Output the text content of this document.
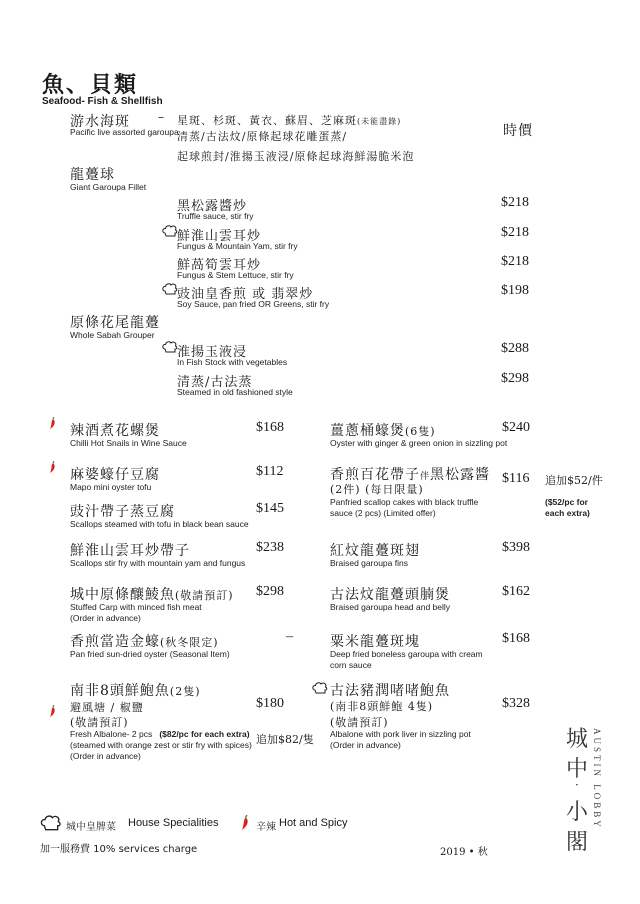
魚、貝類
Seafood- Fish & Shellfish
游水海斑 –
Pacific live assorted garoupa
星斑、杉斑、黃衣、蘇眉、芝麻斑(未能盡錄)
清蒸/古法炆/原條起球花雕蛋蒸/
起球煎封/淮揚玉液浸/原條起球海鮮湯脆米泡
時價
龍躉球
Giant Garoupa Fillet
黑松露醬炒
Truffle sauce, stir fry
$218
鮮淮山雲耳炒
Fungus & Mountain Yam, stir fry
$218
鮮萵筍雲耳炒
Fungus & Stem Lettuce, stir fry
$218
豉油皇香煎 或 翡翠炒
Soy Sauce, pan fried OR Greens, stir fry
$198
原條花尾龍躉
Whole Sabah Grouper
淮揚玉液浸
In Fish Stock with vegetables
$288
清蒸/古法蒸
Steamed in old fashioned style
$298
辣酒煮花螺煲
Chilli Hot Snails in Wine Sauce
$168
麻婆蠔仔豆腐
Mapo mini oyster tofu
$112
豉汁帶子蒸豆腐
Scallops steamed with tofu in black bean sauce
$145
鮮淮山雲耳炒帶子
Scallops stir fry with mountain yam and fungus
$238
城中原條釀鯪魚(敬請預訂)
Stuffed Carp with minced fish meat
(Order in advance)
$298
香煎當造金蠔(秋冬限定)
Pan fried sun-dried oyster (Seasonal Item)
–
南非8頭鮮鮑魚(2隻)
避風塘 / 椒鹽
(敬請預訂)
Fresh Albalone- 2 pcs ($82/pc for each extra)
(steamed with orange zest or stir fry with spices)
(Order in advance)
$180
追加$82/隻
薑蔥桶蠔煲(6隻)
Oyster with ginger & green onion in sizzling pot
$240
香煎百花帶子伴黑松露醬
(2件) (每日限量)
Panfried scallop cakes with black truffle
sauce (2 pcs) (Limited offer)
$116 追加$52/件
($52/pc for
each extra)
紅炆龍躉斑翅
Braised garoupa fins
$398
古法炆龍躉頭腩煲
Braised garoupa head and belly
$162
粟米龍躉斑塊
Deep fried boneless garoupa with cream
corn sauce
$168
古法豬潤啫啫鮑魚
(南非8頭鮮鮑 4隻)
(敬請預訂)
Albalone with pork liver in sizzling pot
(Order in advance)
$328
城
中
·
小
閣
AUSTIN LOBBY
城中皇牌菜 House Specialities	辛辣 Hot and Spicy
加一服務費 10% services charge	2019 • 秋
